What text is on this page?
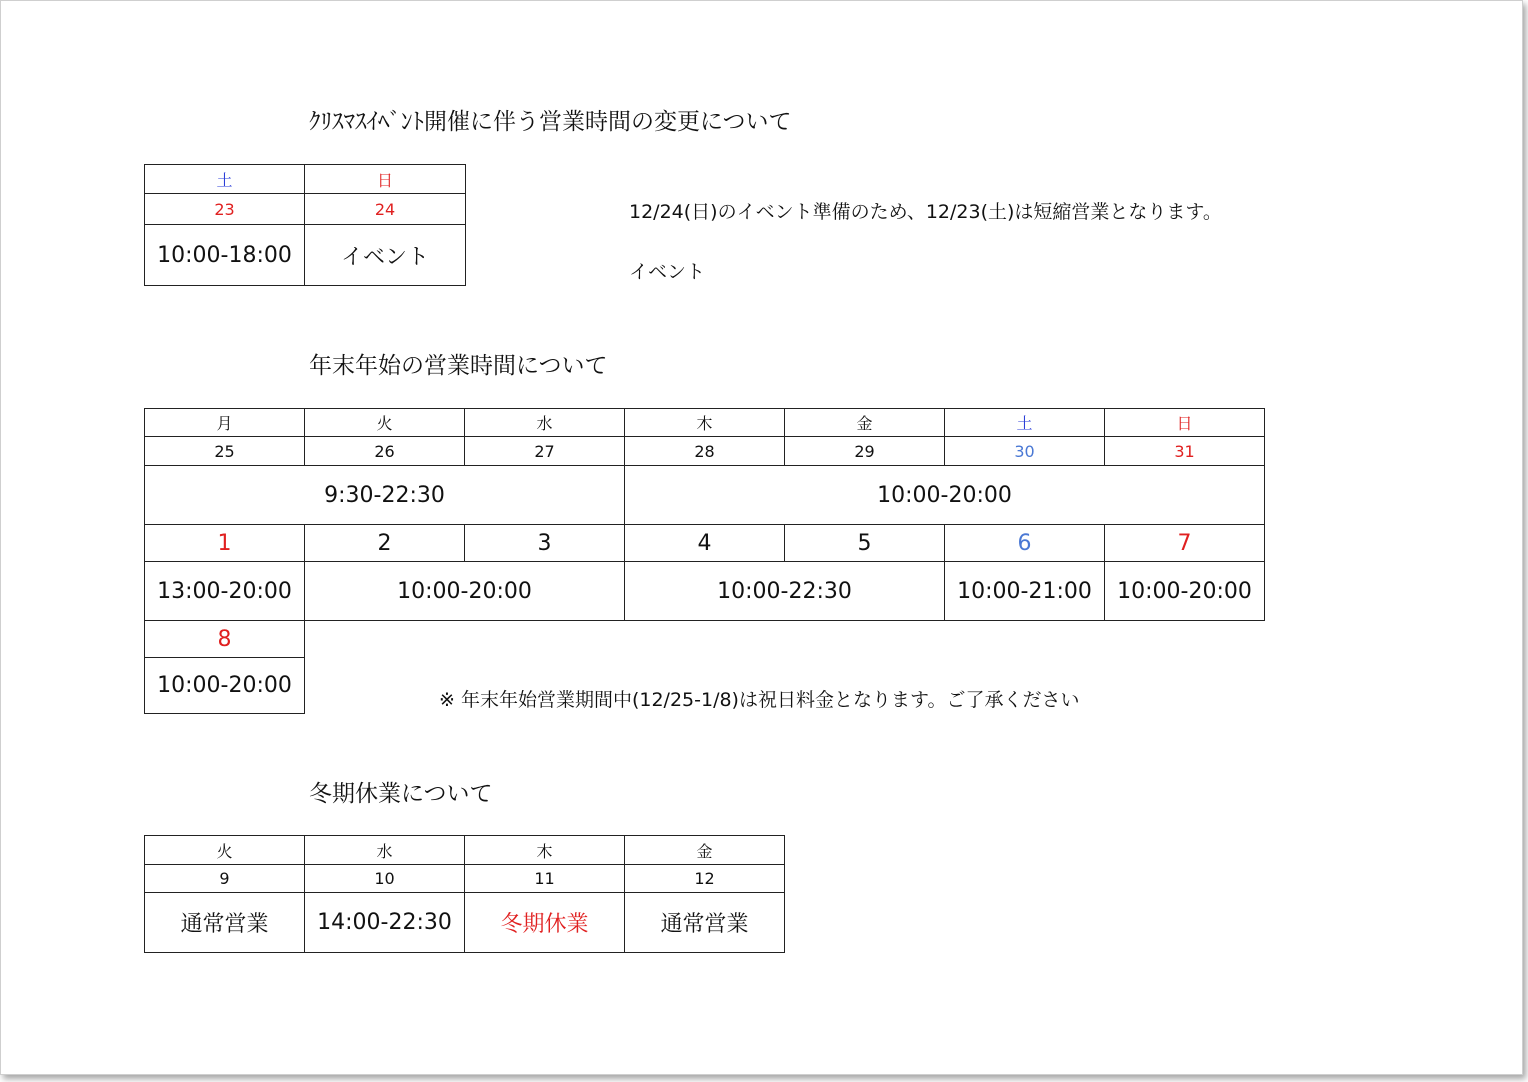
ｸﾘｽﾏｽｲﾍﾞﾝﾄ開催に伴う営業時間の変更について
土	日
23	24
10:00-18:00	イベント
12/24(日)のイベント準備のため、12/23(土)は短縮営業となります。
イベント
年末年始の営業時間について
月	火	水	木	金	土	日
25	26	27	28	29	30	31
9:30-22:30			10:00-20:00			
1	2	3	4	5	6	7
13:00-20:00	10:00-20:00		10:00-22:30		10:00-21:00	10:00-20:00
8						
10:00-20:00						
※ 年末年始営業期間中(12/25-1/8)は祝日料金となります。ご了承ください
冬期休業について
火	水	木	金
9	10	11	12
通常営業	14:00-22:30	冬期休業	通常営業
